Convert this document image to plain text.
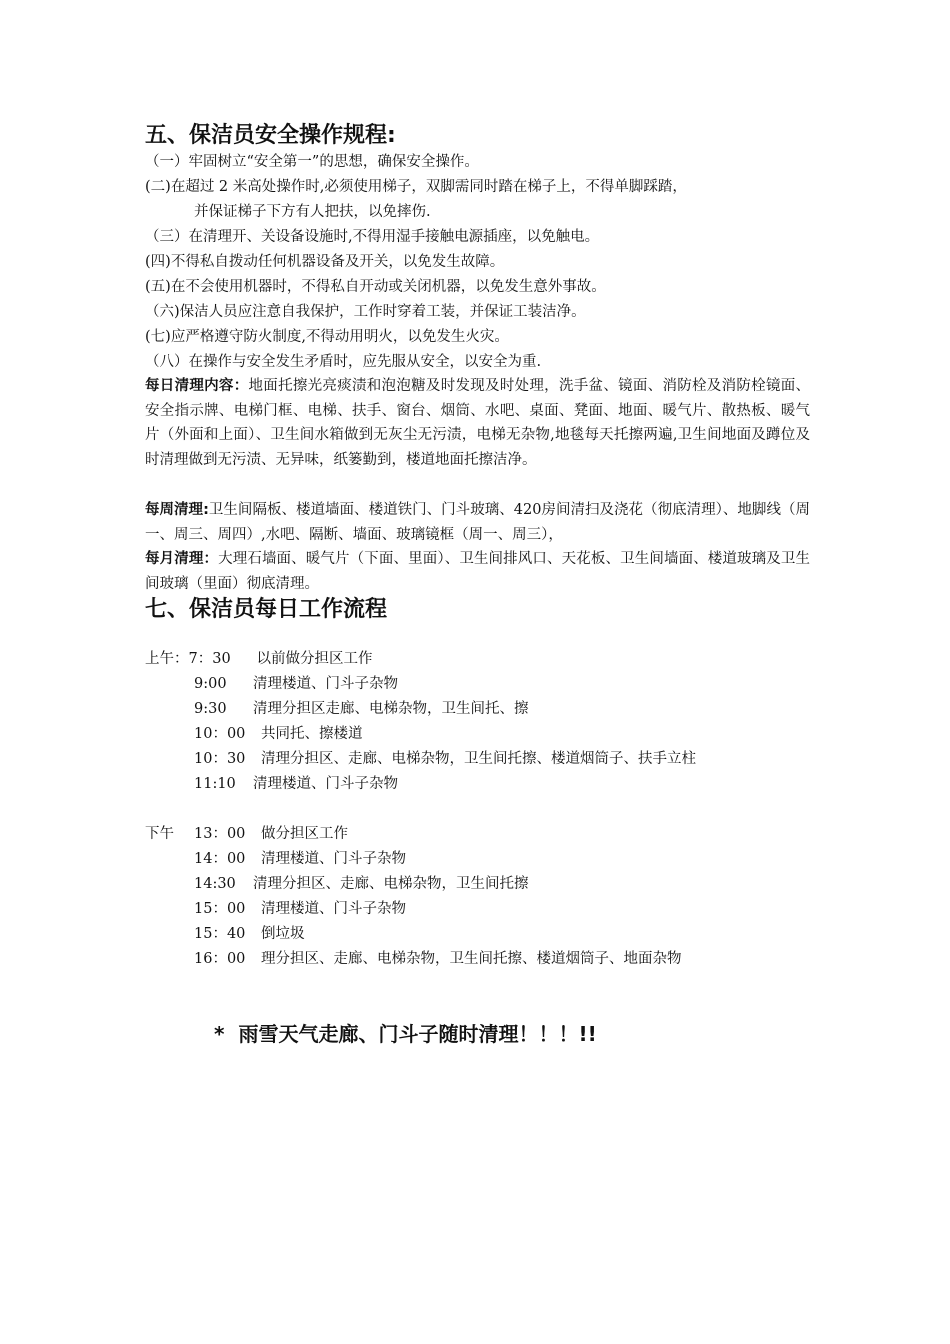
五、保洁员安全操作规程:
（一）牢固树立“安全第一”的思想，确保安全操作。
(二)在超过 2 米高处操作时,必须使用梯子，双脚需同时踏在梯子上，不得单脚踩踏，
并保证梯子下方有人把扶，以免摔伤.
（三）在清理开、关设备设施时,不得用湿手接触电源插座，以免触电。
(四)不得私自拨动任何机器设备及开关，以免发生故障。
(五)在不会使用机器时，不得私自开动或关闭机器，以免发生意外事故。
（六)保洁人员应注意自我保护，工作时穿着工装，并保证工装洁净。
(七)应严格遵守防火制度,不得动用明火，以免发生火灾。
（八）在操作与安全发生矛盾时，应先服从安全，以安全为重.
每日清理内容：地面托擦光亮痰渍和泡泡糖及时发现及时处理，洗手盆、镜面、消防栓及消防栓镜面、安全指示牌、电梯门框、电梯、扶手、窗台、烟筒、水吧、桌面、凳面、地面、暖气片、散热板、暖气片（外面和上面）、卫生间水箱做到无灰尘无污渍，电梯无杂物,地毯每天托擦两遍,卫生间地面及蹲位及时清理做到无污渍、无异味，纸篓勤到，楼道地面托擦洁净。
每周清理:卫生间隔板、楼道墙面、楼道铁门、门斗玻璃、420房间清扫及浇花（彻底清理）、地脚线（周一、周三、周四）,水吧、隔断、墙面、玻璃镜框（周一、周三），
每月清理：大理石墙面、暖气片（下面、里面）、卫生间排风口、天花板、卫生间墙面、楼道玻璃及卫生间玻璃（里面）彻底清理。
七、保洁员每日工作流程
上午：7：30 以前做分担区工作
9:00 清理楼道、门斗子杂物
9:30 清理分担区走廊、电梯杂物，卫生间托、擦
10：00 共同托、擦楼道
10：30 清理分担区、走廊、电梯杂物，卫生间托擦、楼道烟筒子、扶手立柱
11:10 清理楼道、门斗子杂物
下午 13：00 做分担区工作
14：00 清理楼道、门斗子杂物
14:30 清理分担区、走廊、电梯杂物，卫生间托擦
15：00 清理楼道、门斗子杂物
15：40 倒垃圾
16：00 理分担区、走廊、电梯杂物，卫生间托擦、楼道烟筒子、地面杂物
* 雨雪天气走廊、门斗子随时清理！！！!!
